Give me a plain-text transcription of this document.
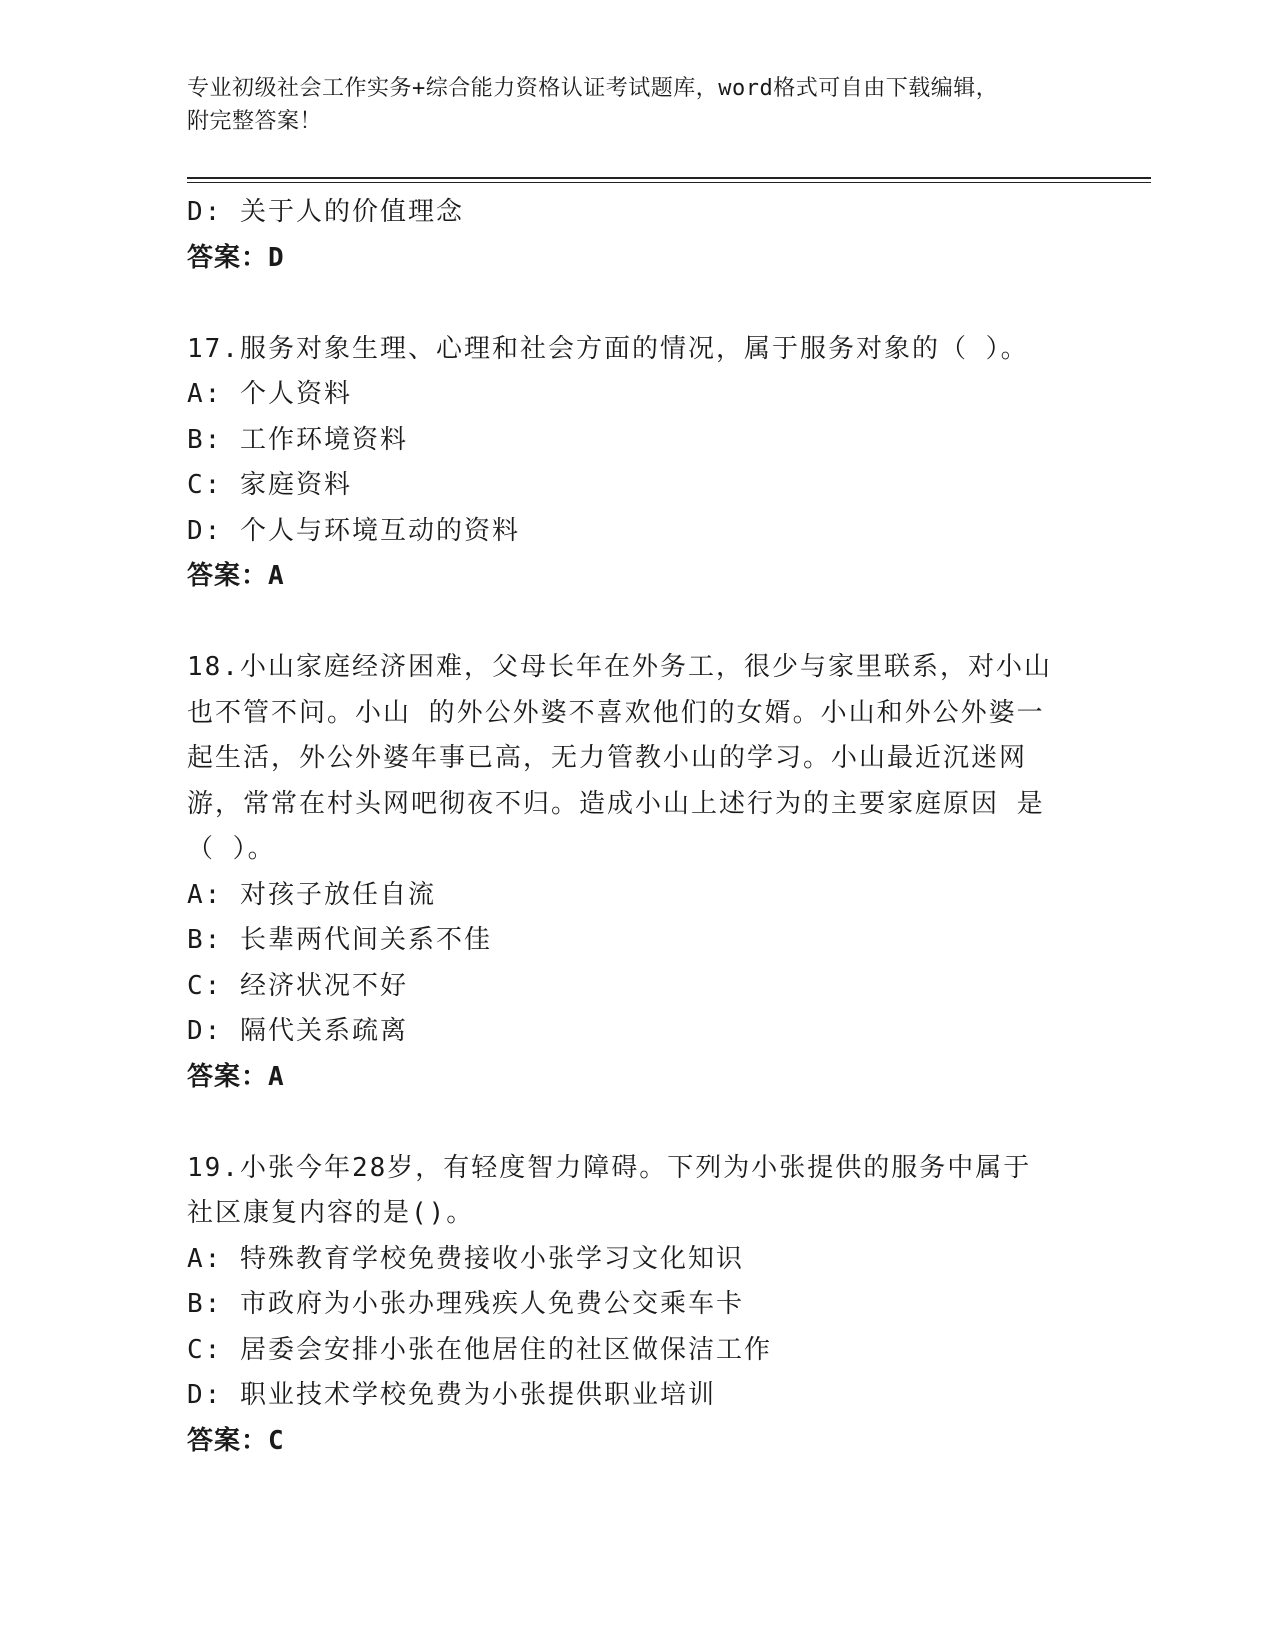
专业初级社会工作实务+综合能力资格认证考试题库，word格式可自由下载编辑，
附完整答案！
D: 关于人的价值理念
答案：D
17.服务对象生理、心理和社会方面的情况，属于服务对象的（ ）。
A: 个人资料
B: 工作环境资料
C: 家庭资料
D: 个人与环境互动的资料
答案：A
18.小山家庭经济困难，父母长年在外务工，很少与家里联系，对小山
也不管不问。小山 的外公外婆不喜欢他们的女婿。小山和外公外婆一
起生活，外公外婆年事已高，无力管教小山的学习。小山最近沉迷网
游，常常在村头网吧彻夜不归。造成小山上述行为的主要家庭原因 是
（ ）。
A: 对孩子放任自流
B: 长辈两代间关系不佳
C: 经济状况不好
D: 隔代关系疏离
答案：A
19.小张今年28岁，有轻度智力障碍。下列为小张提供的服务中属于
社区康复内容的是()。
A: 特殊教育学校免费接收小张学习文化知识
B: 市政府为小张办理残疾人免费公交乘车卡
C: 居委会安排小张在他居住的社区做保洁工作
D: 职业技术学校免费为小张提供职业培训
答案：C
